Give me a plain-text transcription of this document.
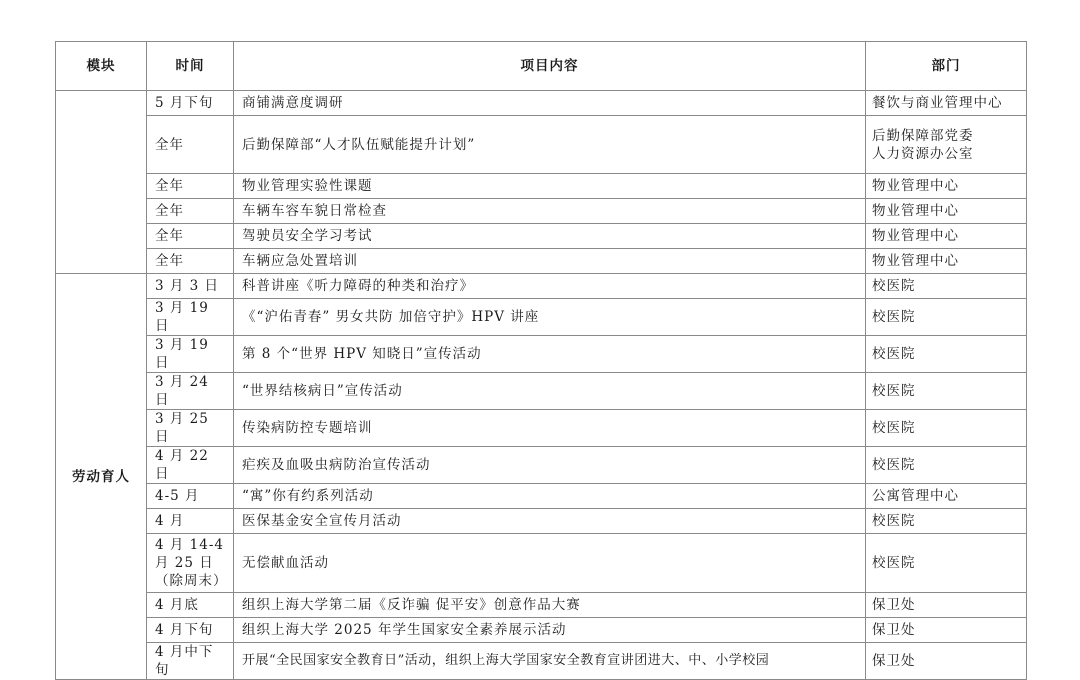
模块	时间	项目内容	部门
	5 月下旬	商铺满意度调研	餐饮与商业管理中心
	全年	后勤保障部“人才队伍赋能提升计划”	后勤保障部党委
人力资源办公室
	全年	物业管理实验性课题	物业管理中心
	全年	车辆车容车貌日常检查	物业管理中心
	全年	驾驶员安全学习考试	物业管理中心
	全年	车辆应急处置培训	物业管理中心
劳动育人	3 月 3 日	科普讲座《听力障碍的种类和治疗》	校医院
	3 月 19 日	《“沪佑青春” 男女共防 加倍守护》HPV 讲座	校医院
	3 月 19 日	第 8 个“世界 HPV 知晓日”宣传活动	校医院
	3 月 24 日	“世界结核病日”宣传活动	校医院
	3 月 25 日	传染病防控专题培训	校医院
	4 月 22 日	疟疾及血吸虫病防治宣传活动	校医院
	4-5 月	“寓”你有约系列活动	公寓管理中心
	4 月	医保基金安全宣传月活动	校医院
	4 月 14-4
月 25 日
（除周末）	无偿献血活动	校医院
	4 月底	组织上海大学第二届《反诈骗 促平安》创意作品大赛	保卫处
	4 月下旬	组织上海大学 2025 年学生国家安全素养展示活动	保卫处
	4 月中下旬	开展“全民国家安全教育日”活动，组织上海大学国家安全教育宣讲团进大、中、小学校园	保卫处
